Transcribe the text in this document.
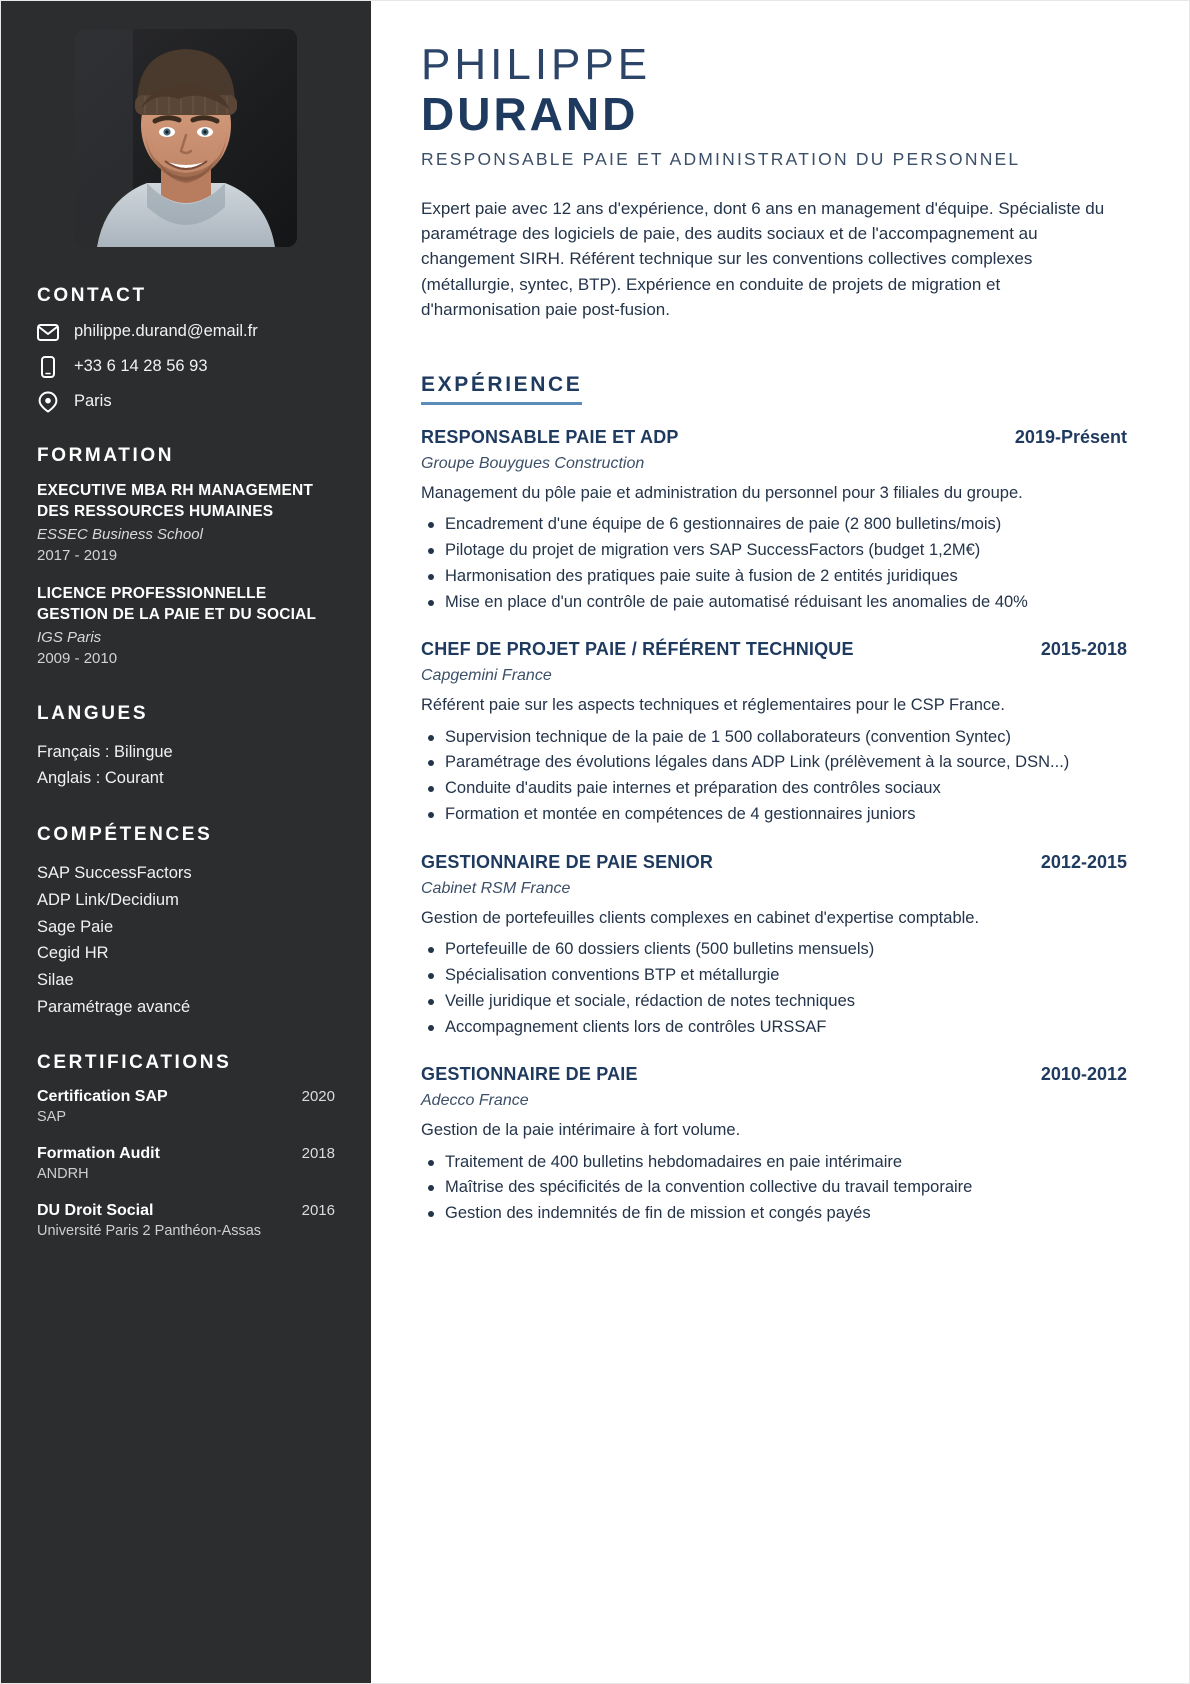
CONTACT
philippe.durand@email.fr
+33 6 14 28 56 93
Paris
FORMATION
EXECUTIVE MBA RH MANAGEMENT DES RESSOURCES HUMAINES
ESSEC Business School
2017 - 2019
LICENCE PROFESSIONNELLE GESTION DE LA PAIE ET DU SOCIAL
IGS Paris
2009 - 2010
LANGUES
Français : Bilingue
Anglais : Courant
COMPÉTENCES
SAP SuccessFactors
ADP Link/Decidium
Sage Paie
Cegid HR
Silae
Paramétrage avancé
CERTIFICATIONS
Certification SAP	2020
SAP
Formation Audit	2018
ANDRH
DU Droit Social	2016
Université Paris 2 Panthéon-Assas
PHILIPPE
DURAND
RESPONSABLE PAIE ET ADMINISTRATION DU PERSONNEL

Expert paie avec 12 ans d'expérience, dont 6 ans en management d'équipe. Spécialiste du paramétrage des logiciels de paie, des audits sociaux et de l'accompagnement au changement SIRH. Référent technique sur les conventions collectives complexes (métallurgie, syntec, BTP). Expérience en conduite de projets de migration et d'harmonisation paie post-fusion.

EXPÉRIENCE
RESPONSABLE PAIE ET ADP	2019-Présent
Groupe Bouygues Construction
Management du pôle paie et administration du personnel pour 3 filiales du groupe.
Encadrement d'une équipe de 6 gestionnaires de paie (2 800 bulletins/mois)
Pilotage du projet de migration vers SAP SuccessFactors (budget 1,2M€)
Harmonisation des pratiques paie suite à fusion de 2 entités juridiques
Mise en place d'un contrôle de paie automatisé réduisant les anomalies de 40%
CHEF DE PROJET PAIE / RÉFÉRENT TECHNIQUE	2015-2018
Capgemini France
Référent paie sur les aspects techniques et réglementaires pour le CSP France.
Supervision technique de la paie de 1 500 collaborateurs (convention Syntec)
Paramétrage des évolutions légales dans ADP Link (prélèvement à la source, DSN...)
Conduite d'audits paie internes et préparation des contrôles sociaux
Formation et montée en compétences de 4 gestionnaires juniors
GESTIONNAIRE DE PAIE SENIOR	2012-2015
Cabinet RSM France
Gestion de portefeuilles clients complexes en cabinet d'expertise comptable.
Portefeuille de 60 dossiers clients (500 bulletins mensuels)
Spécialisation conventions BTP et métallurgie
Veille juridique et sociale, rédaction de notes techniques
Accompagnement clients lors de contrôles URSSAF
GESTIONNAIRE DE PAIE	2010-2012
Adecco France
Gestion de la paie intérimaire à fort volume.
Traitement de 400 bulletins hebdomadaires en paie intérimaire
Maîtrise des spécificités de la convention collective du travail temporaire
Gestion des indemnités de fin de mission et congés payés
